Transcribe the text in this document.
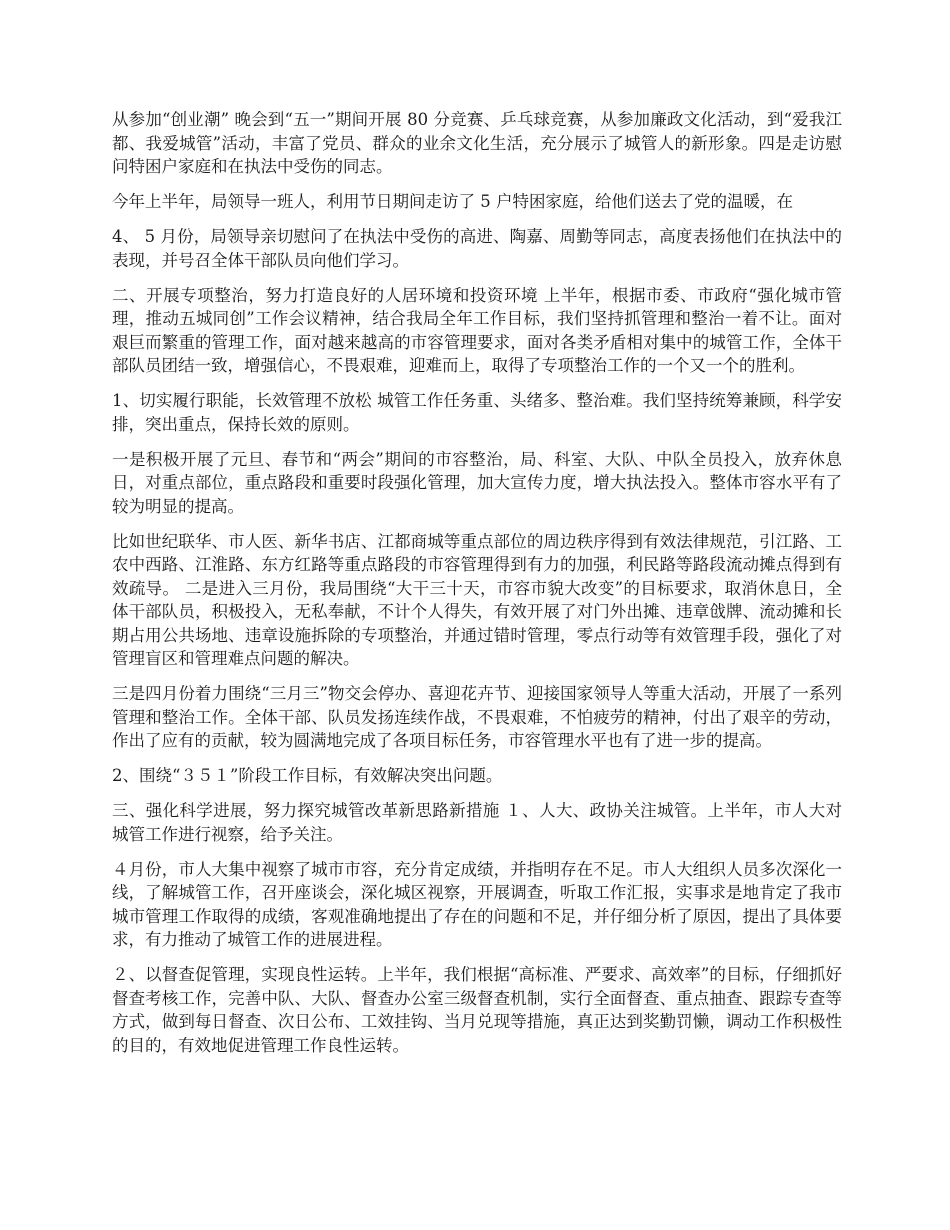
从参加“创业潮” 晚会到“五一”期间开展 80 分竞赛、乒乓球竞赛，从参加廉政文化活动，到“爱我江都、我爱城管”活动，丰富了党员、群众的业余文化生活，充分展示了城管人的新形象。四是走访慰问特困户家庭和在执法中受伤的同志。

今年上半年，局领导一班人，利用节日期间走访了 5 户特困家庭，给他们送去了党的温暖，在

4、 5 月份，局领导亲切慰问了在执法中受伤的高进、陶嘉、周勤等同志，高度表扬他们在执法中的表现，并号召全体干部队员向他们学习。

二、开展专项整治，努力打造良好的人居环境和投资环境 上半年，根据市委、市政府“强化城市管理，推动五城同创”工作会议精神，结合我局全年工作目标，我们坚持抓管理和整治一着不让。面对艰巨而繁重的管理工作，面对越来越高的市容管理要求，面对各类矛盾相对集中的城管工作，全体干部队员团结一致，增强信心，不畏艰难，迎难而上，取得了专项整治工作的一个又一个的胜利。

1、切实履行职能，长效管理不放松 城管工作任务重、头绪多、整治难。我们坚持统筹兼顾，科学安排，突出重点，保持长效的原则。

一是积极开展了元旦、春节和“两会”期间的市容整治，局、科室、大队、中队全员投入，放弃休息日，对重点部位，重点路段和重要时段强化管理，加大宣传力度，增大执法投入。整体市容水平有了较为明显的提高。

比如世纪联华、市人医、新华书店、江都商城等重点部位的周边秩序得到有效法律规范，引江路、工农中西路、江淮路、东方红路等重点路段的市容管理得到有力的加强，利民路等路段流动摊点得到有效疏导。 二是进入三月份，我局围绕“大干三十天，市容市貌大改变”的目标要求，取消休息日，全体干部队员，积极投入，无私奉献，不计个人得失，有效开展了对门外出摊、违章戗牌、流动摊和长期占用公共场地、违章设施拆除的专项整治，并通过错时管理，零点行动等有效管理手段，强化了对管理盲区和管理难点问题的解决。

三是四月份着力围绕“三月三”物交会停办、喜迎花卉节、迎接国家领导人等重大活动，开展了一系列管理和整治工作。全体干部、队员发扬连续作战，不畏艰难，不怕疲劳的精神，付出了艰辛的劳动，作出了应有的贡献，较为圆满地完成了各项目标任务，市容管理水平也有了进一步的提高。

2、围绕“３５１”阶段工作目标，有效解决突出问题。

三、强化科学进展，努力探究城管改革新思路新措施 １、人大、政协关注城管。上半年，市人大对城管工作进行视察，给予关注。

４月份，市人大集中视察了城市市容，充分肯定成绩，并指明存在不足。市人大组织人员多次深化一线，了解城管工作，召开座谈会，深化城区视察，开展调查，听取工作汇报，实事求是地肯定了我市城市管理工作取得的成绩，客观准确地提出了存在的问题和不足，并仔细分析了原因，提出了具体要求，有力推动了城管工作的进展进程。

２、以督查促管理，实现良性运转。上半年，我们根据“高标准、严要求、高效率”的目标，仔细抓好督查考核工作，完善中队、大队、督查办公室三级督查机制，实行全面督查、重点抽查、跟踪专查等方式，做到每日督查、次日公布、工效挂钩、当月兑现等措施，真正达到奖勤罚懒，调动工作积极性的目的，有效地促进管理工作良性运转。
